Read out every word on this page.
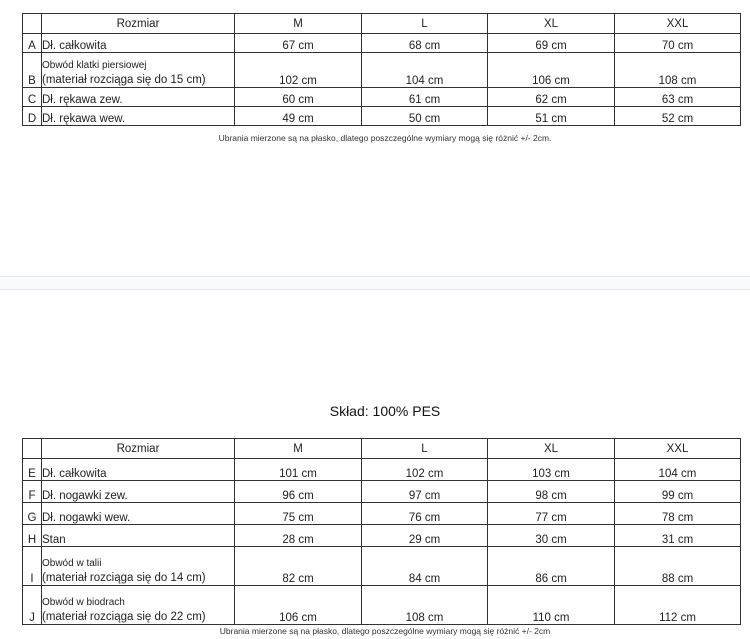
	Rozmiar	M	L	XL	XXL
A	Dł. całkowita	67 cm	68 cm	69 cm	70 cm
B	Obwód klatki piersiowej
(materiał rozciąga się do 15 cm)	102 cm	104 cm	106 cm	108 cm
C	Dł. rękawa zew.	60 cm	61 cm	62 cm	63 cm
D	Dł. rękawa wew.	49 cm	50 cm	51 cm	52 cm
Ubrania mierzone są na płasko, dlatego poszczególne wymiary mogą się różnić +/- 2cm.
Skład: 100% PES
	Rozmiar	M	L	XL	XXL
E	Dł. całkowita	101 cm	102 cm	103 cm	104 cm
F	Dł. nogawki zew.	96 cm	97 cm	98 cm	99 cm
G	Dł. nogawki wew.	75 cm	76 cm	77 cm	78 cm
H	Stan	28 cm	29 cm	30 cm	31 cm
I	Obwód w talii
(materiał rozciąga się do 14 cm)	82 cm	84 cm	86 cm	88 cm
J	Obwód w biodrach
(materiał rozciąga się do 22 cm)	106 cm	108 cm	110 cm	112 cm
Ubrania mierzone są na płasko, dlatego poszczególne wymiary mogą się różnić +/- 2cm
